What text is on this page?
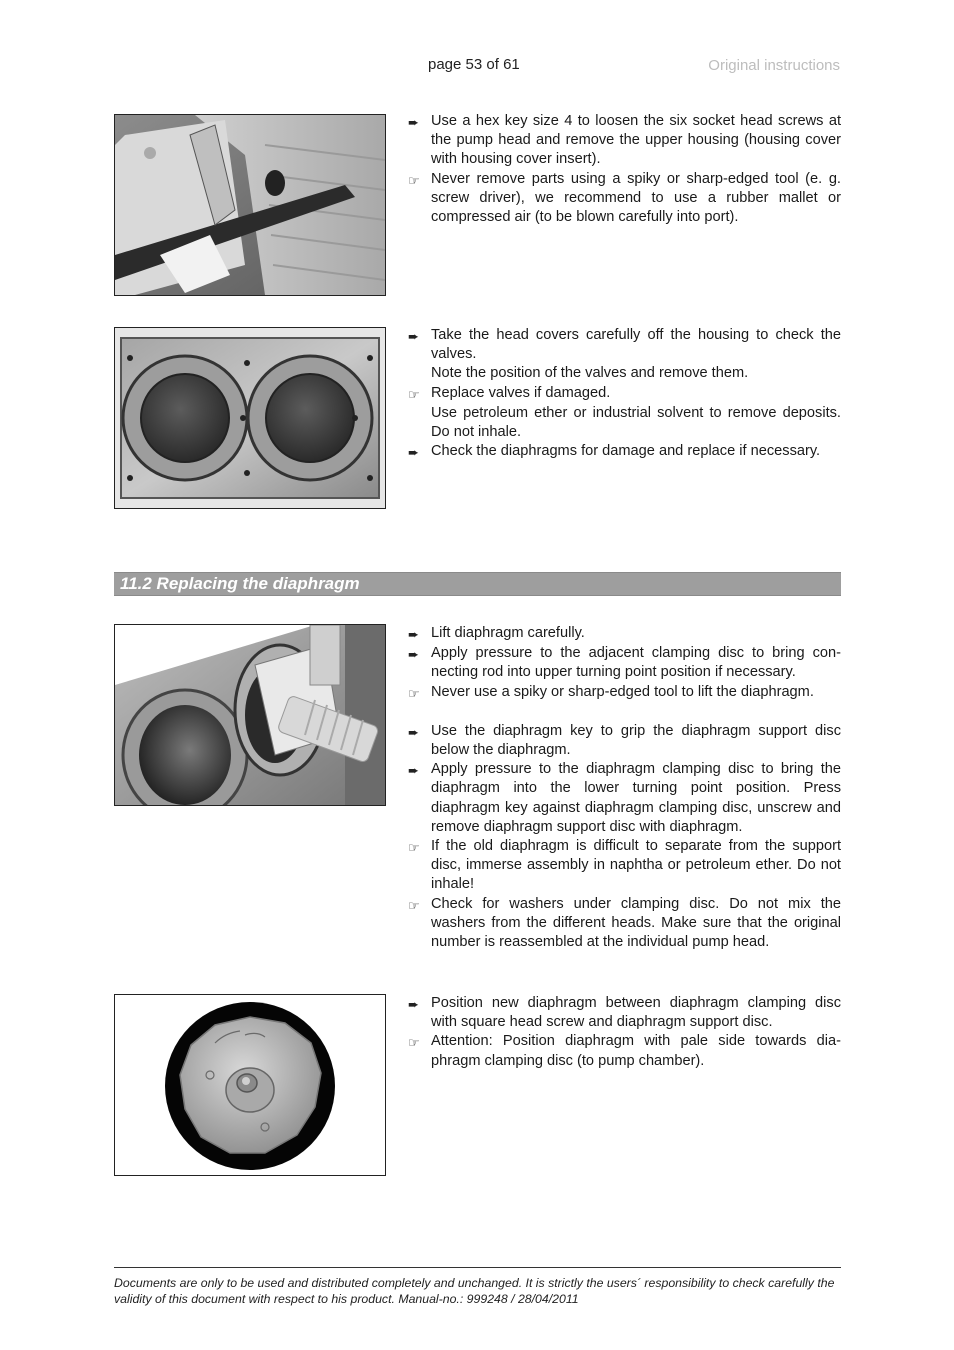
page 53 of 61	Original instructions
➨ Use a hex key size 4 to loosen the six socket head screws at the pump head and remove the upper housing (housing cover with housing cover insert).
☞ Never remove parts using a spiky or sharp-edged tool (e. g. screw driver), we recommend to use a rubber mallet or compressed air (to be blown carefully into port).
➨ Take the head covers carefully off the housing to check the valves.
Note the position of the valves and remove them.
☞ Replace valves if damaged.
Use petroleum ether or industrial solvent to remove deposits. Do not inhale.
➨ Check the diaphragms for damage and replace if necessary.
11.2 Replacing the diaphragm
➨ Lift diaphragm carefully.
➨ Apply pressure to the adjacent clamping disc to bring connecting rod into upper turning point position if necessary.
☞ Never use a spiky or sharp-edged tool to lift the diaphragm.
➨ Use the diaphragm key to grip the diaphragm support disc below the diaphragm.
➨ Apply pressure to the diaphragm clamping disc to bring the diaphragm into the lower turning point position. Press diaphragm key against diaphragm clamping disc, unscrew and remove diaphragm support disc with diaphragm.
☞ If the old diaphragm is difficult to separate from the support disc, immerse assembly in naphtha or petroleum ether. Do not inhale!
☞ Check for washers under clamping disc. Do not mix the washers from the different heads. Make sure that the original number is reassembled at the individual pump head.
➨ Position new diaphragm between diaphragm clamping disc with square head screw and diaphragm support disc.
☞ Attention: Position diaphragm with pale side towards diaphragm clamping disc (to pump chamber).
Documents are only to be used and distributed completely and unchanged. It is strictly the users´ responsibility to check carefully the validity of this document with respect to his product. Manual-no.: 999248 / 28/04/2011
